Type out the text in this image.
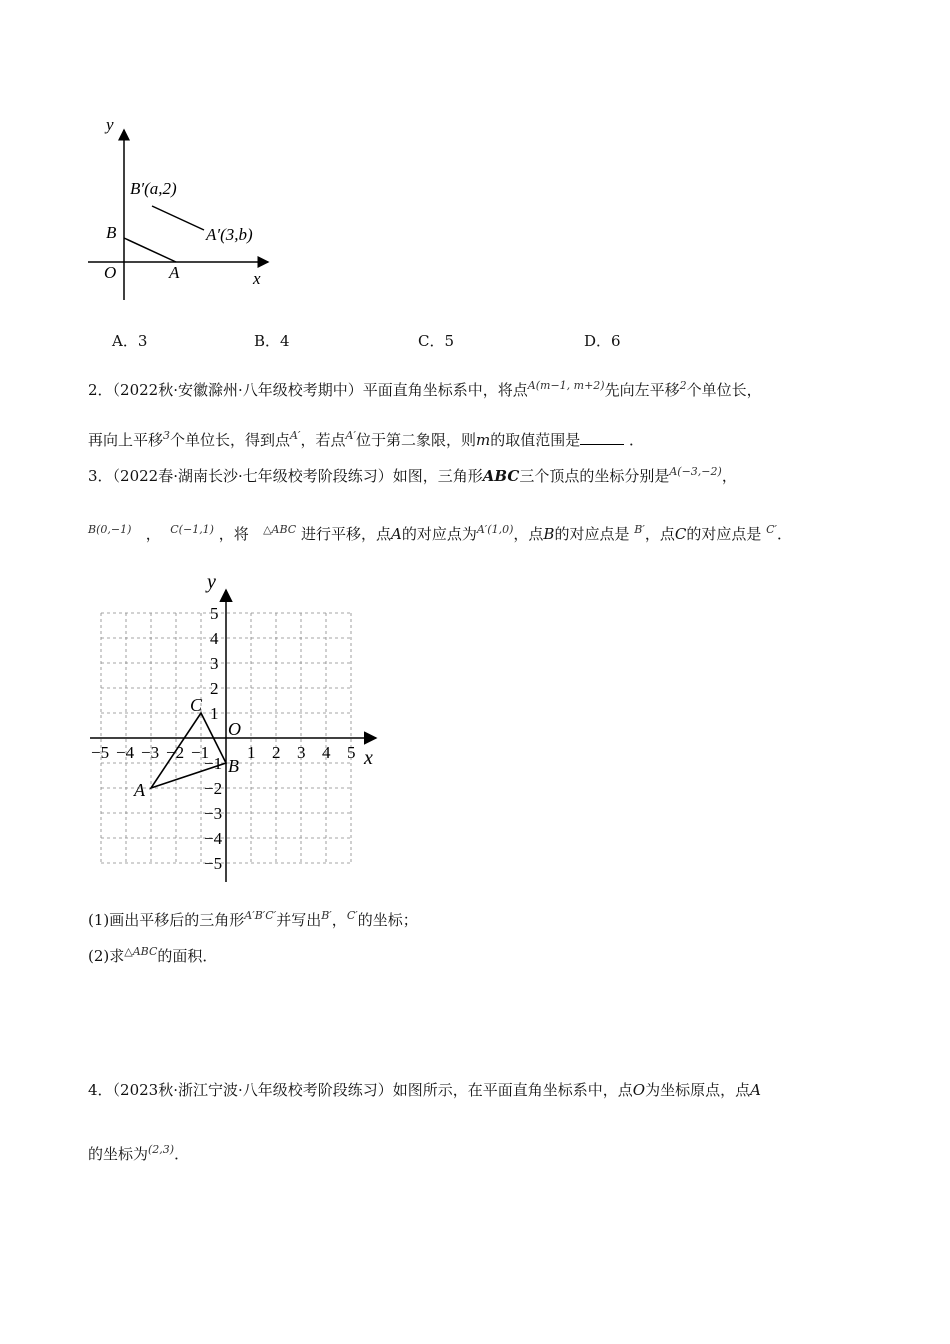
y
x
O	A
B
B′(a,2)
A′(3,b)
A．3	B．4	C．5	D．6
2．（2022秋·安徽滁州·八年级校考期中）平面直角坐标系中，将点$^{A(m-1, m+2)}$先向左平移$^2$个单位长，
再向上平移$^3$个单位长，得到点$^{A'}$，若点$^{A'}$位于第二象限，则m的取值范围是	．
3．（2022春·湖南长沙·七年级校考阶段练习）如图，三角形ABC三个顶点的坐标分别是$^{A(-3,-2)}$，
$^{B(0,-1)}$ ， $^{C(-1,1)}$ ，将 $^{\triangle ABC}$ 进行平移，点A的对应点为$^{A'(1,0)}$，点B的对应点是 $^{B'}$，点C的对应点是 $^{C'}$．
−5 −4 −3 −2 −1 1 2 3 4 5
5
4
3
2
1
−1
−2
−3
−4
−5
y
x
O
A
B
C
(1)画出平移后的三角形$^{A'B'C'}$并写出$^{B'}$，$^{C'}$的坐标；
(2)求$^{\triangle ABC}$的面积．
4．（2023秋·浙江宁波·八年级校考阶段练习）如图所示，在平面直角坐标系中，点O为坐标原点，点A
的坐标为$^{(2,3)}$．
